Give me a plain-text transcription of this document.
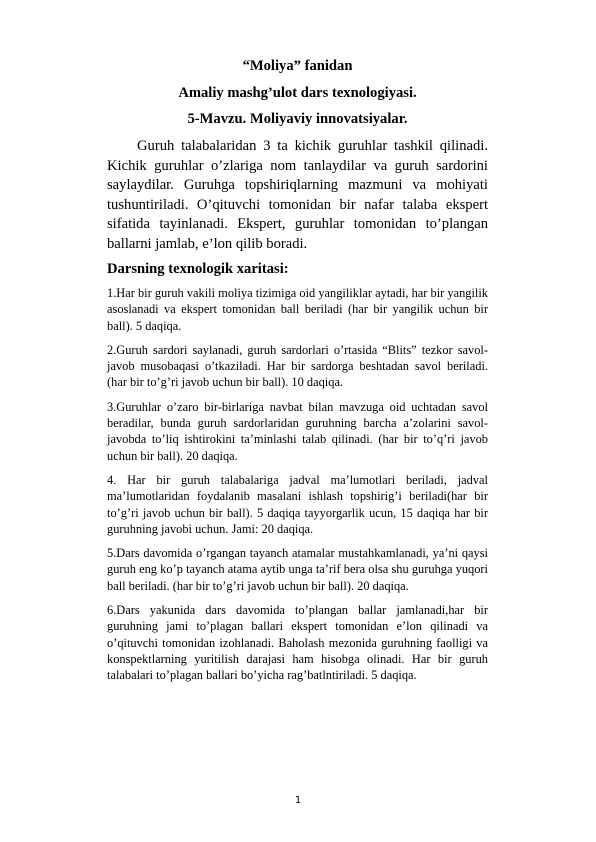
“Moliya” fanidan
Amaliy mashg’ulot dars texnologiyasi.
5-Mavzu. Moliyaviy innovatsiyalar.
Guruh talabalaridan 3 ta kichik guruhlar tashkil qilinadi. Kichik guruhlar o’zlariga nom tanlaydilar va guruh sardorini saylaydilar. Guruhga topshiriqlarning mazmuni va mohiyati tushuntiriladi. O’qituvchi tomonidan bir nafar talaba ekspert sifatida tayinlanadi. Ekspert, guruhlar tomonidan to’plangan ballarni jamlab, e’lon qilib boradi.
Darsning texnologik xaritasi:
1.Har bir guruh vakili moliya tizimiga oid yangiliklar aytadi, har bir yangilik asoslanadi va ekspert tomonidan ball beriladi (har bir yangilik uchun bir ball). 5 daqiqa.
2.Guruh sardori saylanadi, guruh sardorlari o’rtasida “Blits” tezkor savol-javob musobaqasi o’tkaziladi. Har bir sardorga beshtadan savol beriladi. (har bir to’g’ri javob uchun bir ball). 10 daqiqa.
3.Guruhlar o’zaro bir-birlariga navbat bilan mavzuga oid uchtadan savol beradilar, bunda guruh sardorlaridan guruhning barcha a’zolarini savol-javobda to’liq ishtirokini ta’minlashi talab qilinadi. (har bir to’q’ri javob uchun bir ball). 20 daqiqa.
4. Har bir guruh talabalariga jadval ma’lumotlari beriladi, jadval ma’lumotlaridan foydalanib masalani ishlash topshirig’i beriladi(har bir to’g’ri javob uchun bir ball). 5 daqiqa tayyorgarlik ucun, 15 daqiqa har bir guruhning javobi uchun. Jami: 20 daqiqa.
5.Dars davomida o’rgangan tayanch atamalar mustahkamlanadi, ya’ni qaysi guruh eng ko’p tayanch atama aytib unga ta’rif bera olsa shu guruhga yuqori ball beriladi. (har bir to’g’ri javob uchun bir ball). 20 daqiqa.
6.Dars yakunida dars davomida to’plangan ballar jamlanadi,har bir guruhning jami to’plagan ballari ekspert tomonidan e’lon qilinadi va o’qituvchi tomonidan izohlanadi. Baholash mezonida guruhning faolligi va konspektlarning yuritilish darajasi ham hisobga olinadi. Har bir guruh talabalari to’plagan ballari bo’yicha rag’batlntiriladi. 5 daqiqa.
1
